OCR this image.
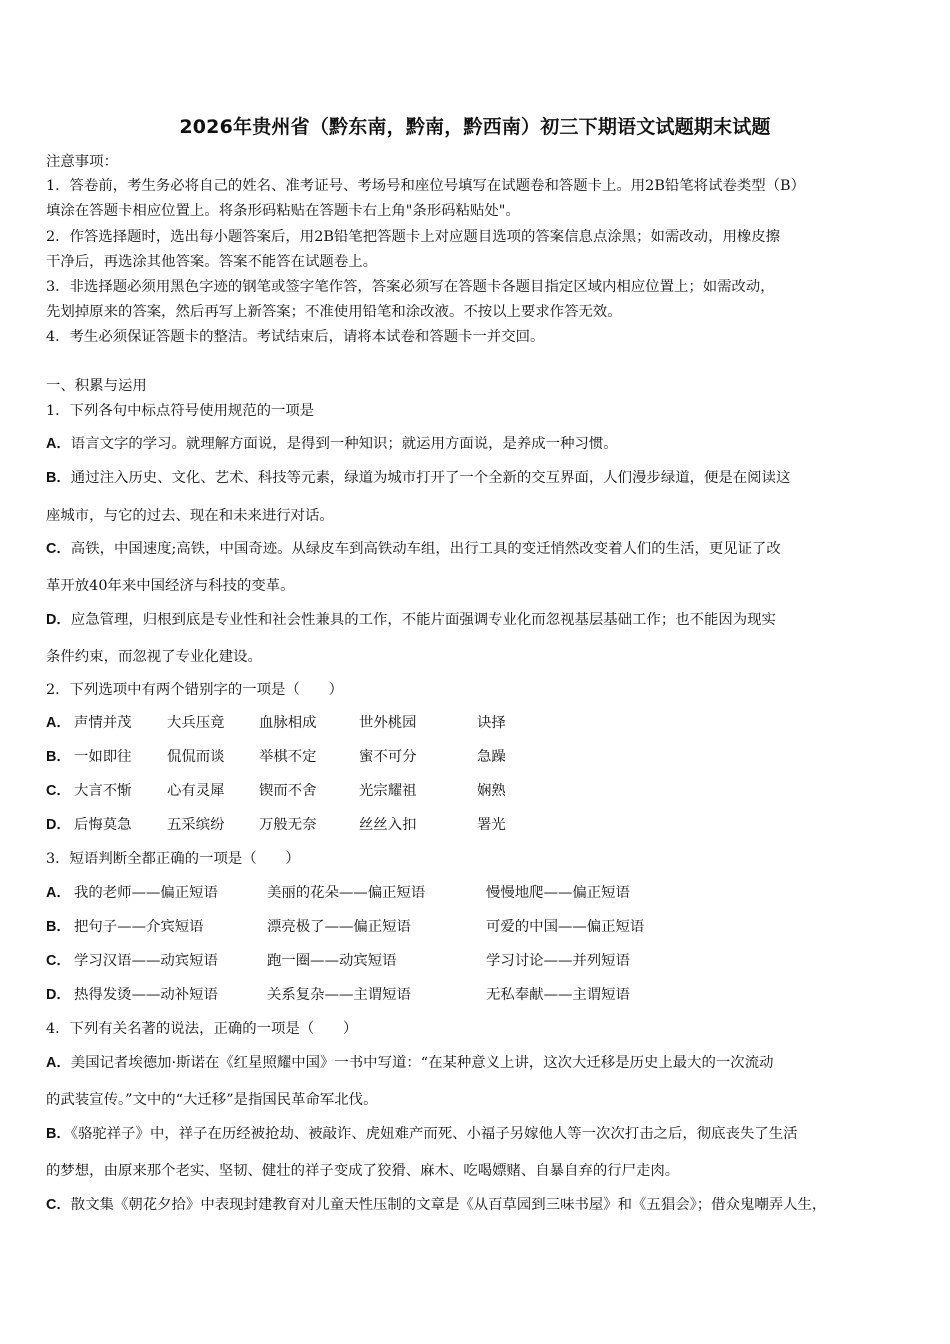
2026年贵州省（黔东南，黔南，黔西南）初三下期语文试题期末试题
注意事项：
1．答卷前，考生务必将自己的姓名、准考证号、考场号和座位号填写在试题卷和答题卡上。用2B铅笔将试卷类型（B）
填涂在答题卡相应位置上。将条形码粘贴在答题卡右上角"条形码粘贴处"。
2．作答选择题时，选出每小题答案后，用2B铅笔把答题卡上对应题目选项的答案信息点涂黑；如需改动，用橡皮擦
干净后，再选涂其他答案。答案不能答在试题卷上。
3．非选择题必须用黑色字迹的钢笔或签字笔作答，答案必须写在答题卡各题目指定区域内相应位置上；如需改动，
先划掉原来的答案，然后再写上新答案；不准使用铅笔和涂改液。不按以上要求作答无效。
4．考生必须保证答题卡的整洁。考试结束后，请将本试卷和答题卡一并交回。
一、积累与运用
1．下列各句中标点符号使用规范的一项是
A．语言文字的学习。就理解方面说，是得到一种知识；就运用方面说，是养成一种习惯。
B．通过注入历史、文化、艺术、科技等元素，绿道为城市打开了一个全新的交互界面，人们漫步绿道，便是在阅读这
座城市，与它的过去、现在和未来进行对话。
C．高铁，中国速度;高铁，中国奇迹。从绿皮车到高铁动车组，出行工具的变迁悄然改变着人们的生活，更见证了改
革开放40年来中国经济与科技的变革。
D．应急管理，归根到底是专业性和社会性兼具的工作，不能片面强调专业化而忽视基层基础工作；也不能因为现实
条件约束，而忽视了专业化建设。
2．下列选项中有两个错别字的一项是（　　）
A． 声情并茂 大兵压竟 血脉相成	世外桃园	诀择
B． 一如即往 侃侃而谈 举棋不定	蜜不可分	急躁
C． 大言不惭 心有灵犀 锲而不舍	光宗耀祖	娴熟
D． 后悔莫急 五采缤纷 万般无奈	丝丝入扣	署光
3．短语判断全都正确的一项是（　　）
A． 我的老师——偏正短语	美丽的花朵——偏正短语	慢慢地爬——偏正短语
B． 把句子——介宾短语	漂亮极了——偏正短语	可爱的中国——偏正短语
C． 学习汉语——动宾短语	跑一圈——动宾短语	学习讨论——并列短语
D． 热得发烫——动补短语	关系复杂——主谓短语	无私奉献——主谓短语
4．下列有关名著的说法，正确的一项是（　　）
A．美国记者埃德加·斯诺在《红星照耀中国》一书中写道：“在某种意义上讲，这次大迁移是历史上最大的一次流动
的武装宣传。”文中的“大迁移”是指国民革命军北伐。
B．《骆驼祥子》中，祥子在历经被抢劫、被敲诈、虎妞难产而死、小福子另嫁他人等一次次打击之后，彻底丧失了生活
的梦想，由原来那个老实、坚韧、健壮的祥子变成了狡猾、麻木、吃喝嫖赌、自暴自弃的行尸走肉。
C．散文集《朝花夕拾》中表现封建教育对儿童天性压制的文章是《从百草园到三味书屋》和《五猖会》；借众鬼嘲弄人生，
